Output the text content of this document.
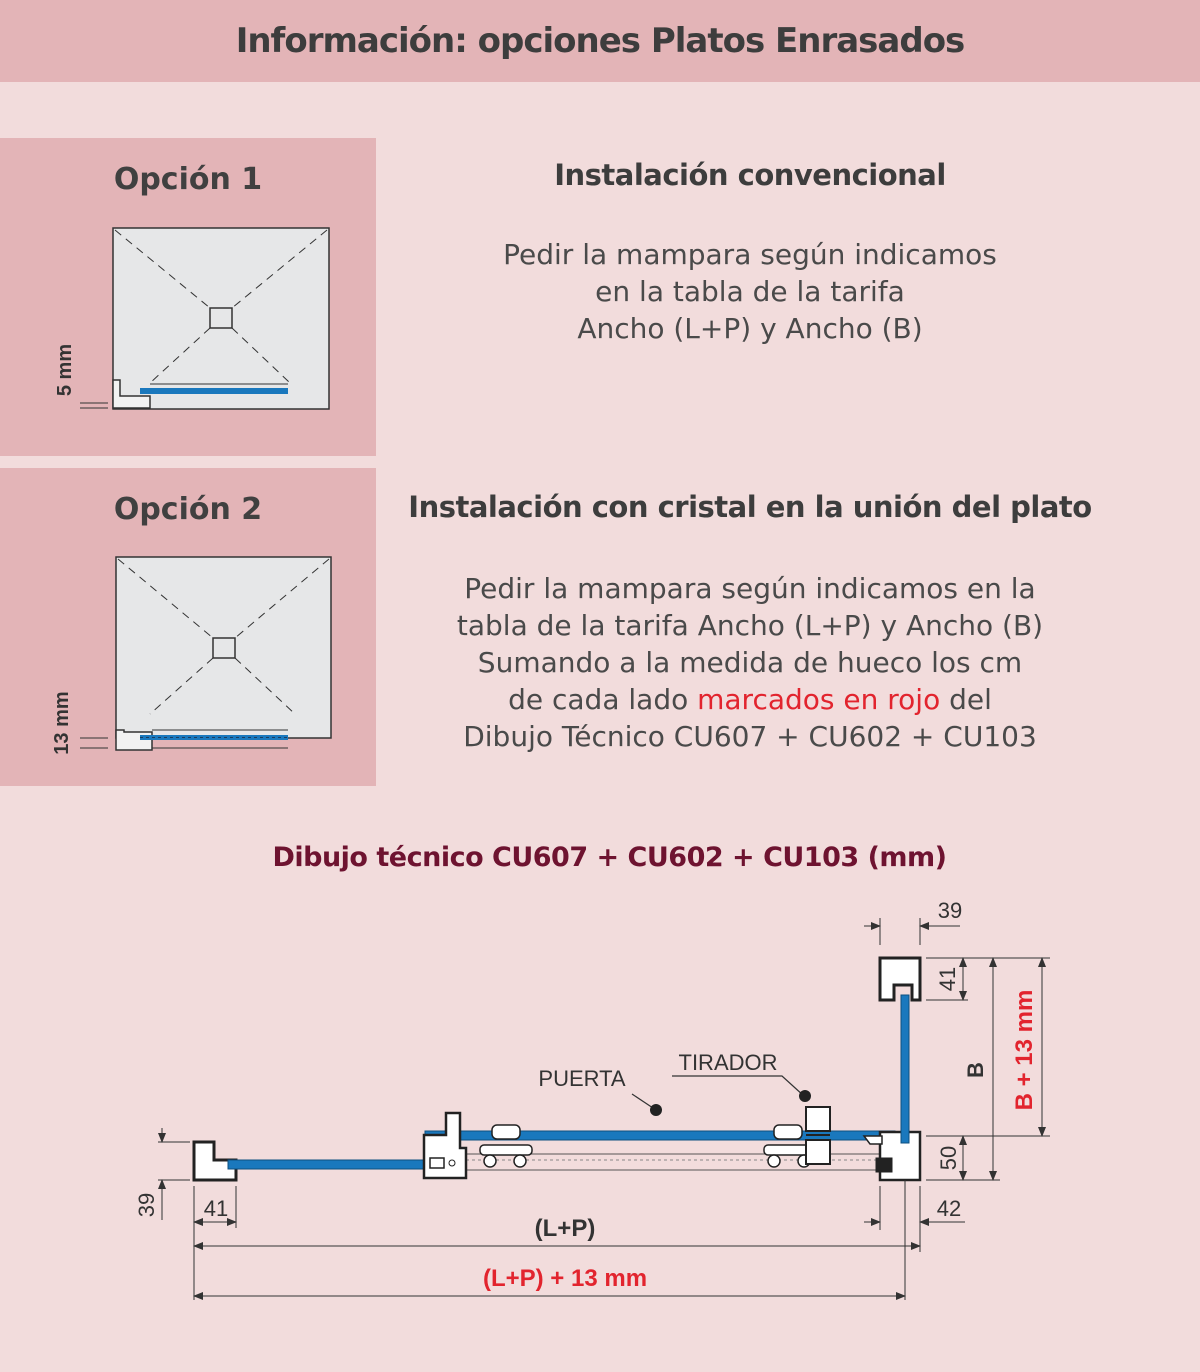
Información: opciones Platos Enrasados
Opción 1
5 mm
Instalación convencional
Pedir la mampara según indicamos
en la tabla de la tarifa
Ancho (L+P) y Ancho (B)
Opción 2
13 mm
Instalación con cristal en la unión del plato
Pedir la mampara según indicamos en la
tabla de la tarifa Ancho (L+P) y Ancho (B)
Sumando a la medida de hueco los cm
de cada lado marcados en rojo del
Dibujo Técnico CU607 + CU602 + CU103
Dibujo técnico CU607 + CU602 + CU103 (mm)
PUERTA
TIRADOR
39
41
B B + 13 mm
50
42
39 41
(L+P)
(L+P) + 13 mm
